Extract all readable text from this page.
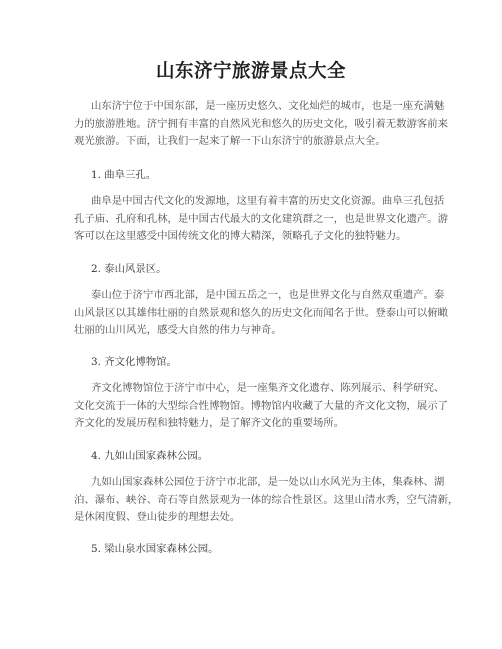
山东济宁旅游景点大全
山东济宁位于中国东部，是一座历史悠久、文化灿烂的城市，也是一座充满魅
力的旅游胜地。济宁拥有丰富的自然风光和悠久的历史文化，吸引着无数游客前来
观光旅游。下面，让我们一起来了解一下山东济宁的旅游景点大全。
1. 曲阜三孔。
曲阜是中国古代文化的发源地，这里有着丰富的历史文化资源。曲阜三孔包括
孔子庙、孔府和孔林，是中国古代最大的文化建筑群之一，也是世界文化遗产。游
客可以在这里感受中国传统文化的博大精深，领略孔子文化的独特魅力。
2. 泰山风景区。
泰山位于济宁市西北部，是中国五岳之一，也是世界文化与自然双重遗产。泰
山风景区以其雄伟壮丽的自然景观和悠久的历史文化而闻名于世。登泰山可以俯瞰
壮丽的山川风光，感受大自然的伟力与神奇。
3. 齐文化博物馆。
齐文化博物馆位于济宁市中心，是一座集齐文化遗存、陈列展示、科学研究、
文化交流于一体的大型综合性博物馆。博物馆内收藏了大量的齐文化文物，展示了
齐文化的发展历程和独特魅力，是了解齐文化的重要场所。
4. 九如山国家森林公园。
九如山国家森林公园位于济宁市北部，是一处以山水风光为主体，集森林、湖
泊、瀑布、峡谷、奇石等自然景观为一体的综合性景区。这里山清水秀，空气清新，
是休闲度假、登山徒步的理想去处。
5. 梁山泉水国家森林公园。
